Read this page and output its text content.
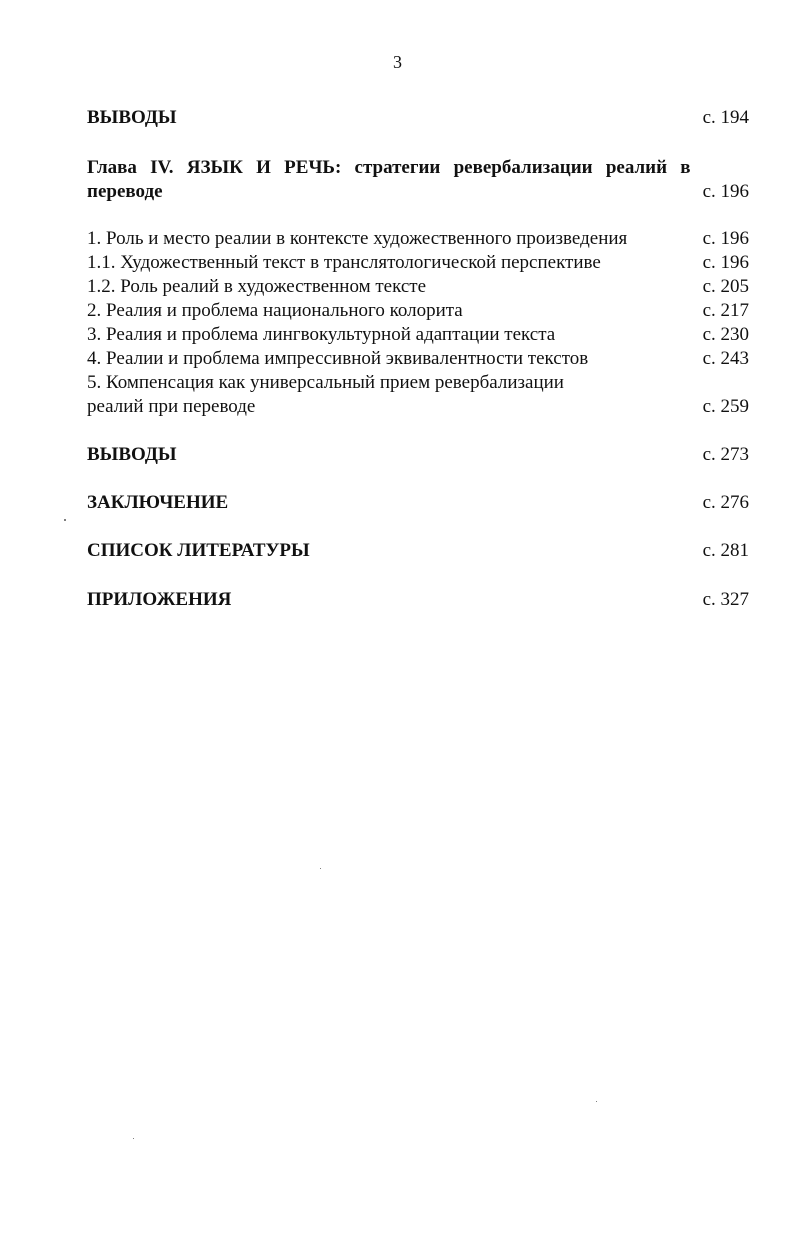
3
ВЫВОДЫ	с. 194
Глава IV. ЯЗЫК И РЕЧЬ: стратегии ревербализации реалий в переводе	с. 196
1. Роль и место реалии в контексте художественного произведения	с. 196
1.1. Художественный текст в транслятологической перспективе	с. 196
1.2. Роль реалий в художественном тексте	с. 205
2. Реалия и проблема национального колорита	с. 217
3. Реалия и проблема лингвокультурной адаптации текста	с. 230
4. Реалии и проблема импрессивной эквивалентности текстов	с. 243
5. Компенсация как универсальный прием ревербализации реалий при переводе	с. 259
ВЫВОДЫ	с. 273
ЗАКЛЮЧЕНИЕ	с. 276
СПИСОК ЛИТЕРАТУРЫ	с. 281
ПРИЛОЖЕНИЯ	с. 327
